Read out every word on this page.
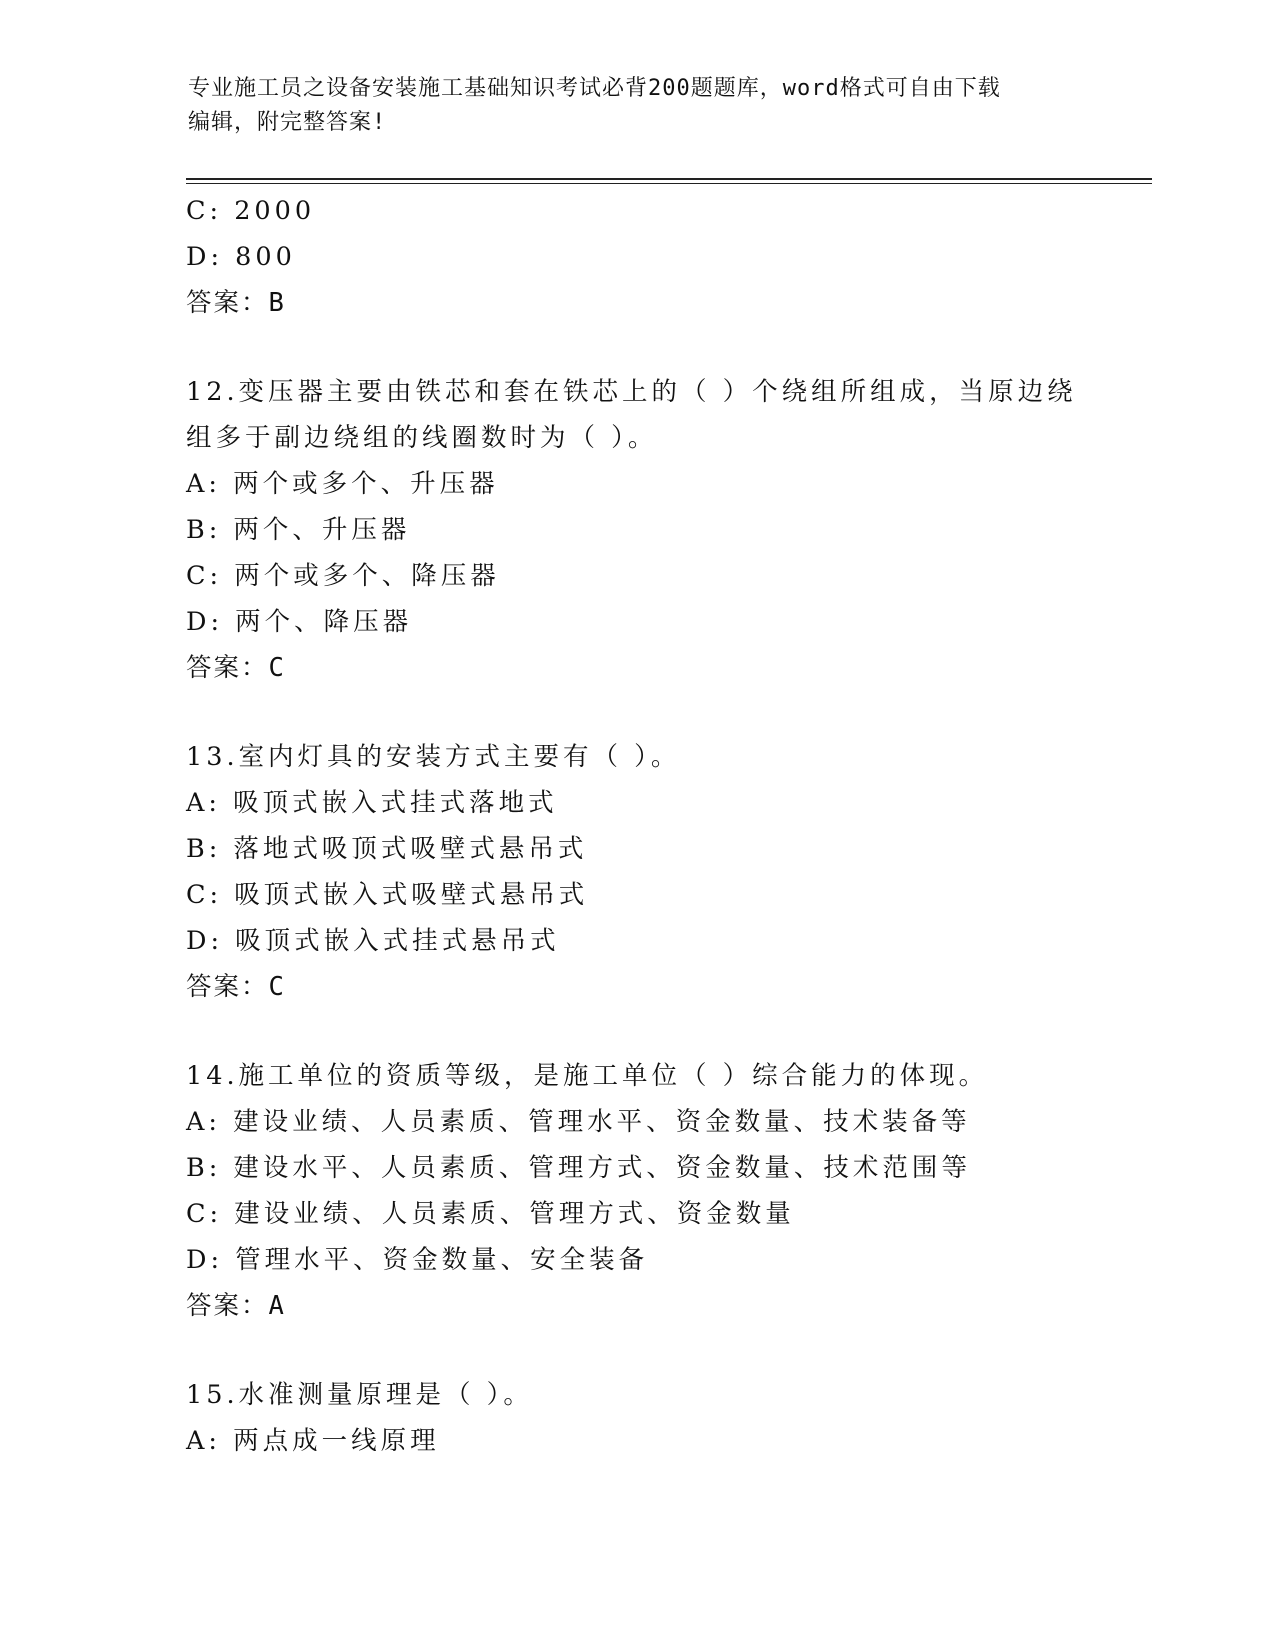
专业施工员之设备安装施工基础知识考试必背200题题库，word格式可自由下载
编辑，附完整答案!
C: 2000
D: 800
答案：B
12.变压器主要由铁芯和套在铁芯上的（ ）个绕组所组成，当原边绕
组多于副边绕组的线圈数时为（ ）。
A: 两个或多个、升压器
B: 两个、升压器
C: 两个或多个、降压器
D: 两个、降压器
答案：C
13.室内灯具的安装方式主要有（ ）。
A: 吸顶式嵌入式挂式落地式
B: 落地式吸顶式吸壁式悬吊式
C: 吸顶式嵌入式吸壁式悬吊式
D: 吸顶式嵌入式挂式悬吊式
答案：C
14.施工单位的资质等级，是施工单位（ ）综合能力的体现。
A: 建设业绩、人员素质、管理水平、资金数量、技术装备等
B: 建设水平、人员素质、管理方式、资金数量、技术范围等
C: 建设业绩、人员素质、管理方式、资金数量
D: 管理水平、资金数量、安全装备
答案：A
15.水准测量原理是（ ）。
A: 两点成一线原理
